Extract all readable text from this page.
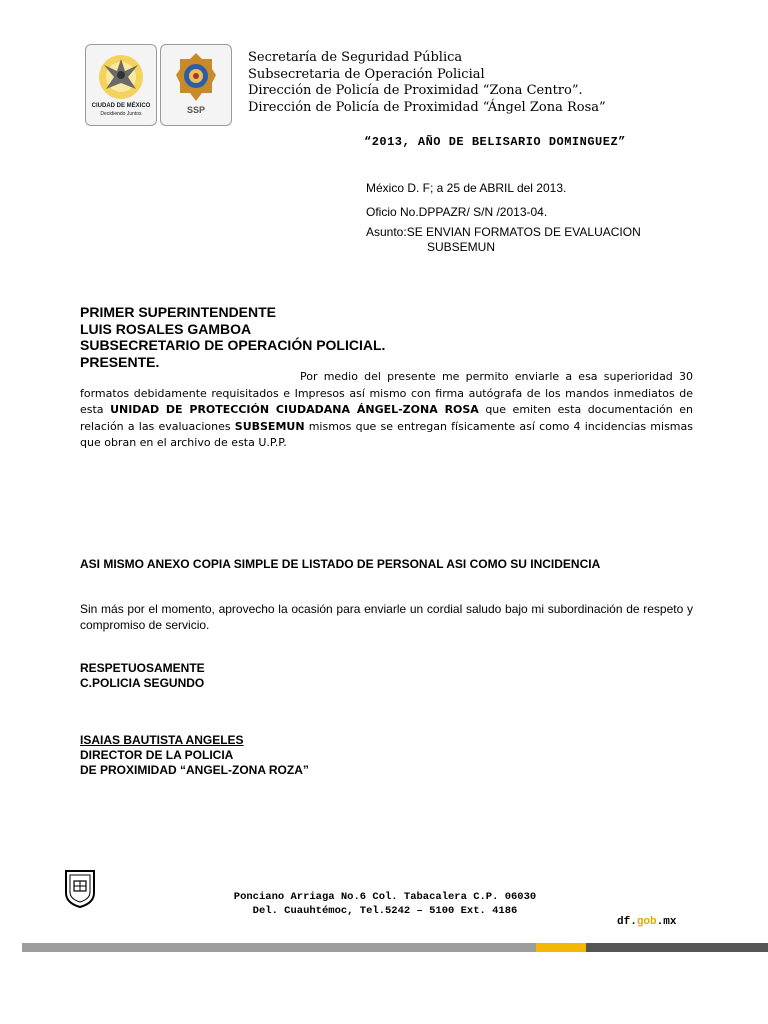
CIUDAD DE MÉXICO
Decidiendo Juntos	SSP
Secretaría de Seguridad Pública
Subsecretaria de Operación Policial
Dirección de Policía de Proximidad “Zona Centro”.
Dirección de Policía de Proximidad “Ángel Zona Rosa”
“2013, AÑO DE BELISARIO DOMINGUEZ”
México D. F; a 25 de ABRIL del 2013.
Oficio No.DPPAZR/ S/N /2013-04.
Asunto:SE ENVIAN FORMATOS DE EVALUACION
SUBSEMUN
PRIMER SUPERINTENDENTE
LUIS ROSALES GAMBOA
SUBSECRETARIO DE OPERACIÓN POLICIAL.
PRESENTE.
Por medio del presente me permito enviarle a esa superioridad 30 formatos debidamente requisitados e Impresos así mismo con firma autógrafa de los mandos inmediatos de esta UNIDAD DE PROTECCIÓN CIUDADANA ÁNGEL-ZONA ROSA que emiten esta documentación en relación a las evaluaciones SUBSEMUN mismos que se entregan físicamente así como 4 incidencias mismas que obran en el archivo de esta U.P.P.
ASI MISMO ANEXO COPIA SIMPLE DE LISTADO DE PERSONAL ASI COMO SU INCIDENCIA
Sin más por el momento, aprovecho la ocasión para enviarle un cordial saludo bajo mi subordinación de respeto y compromiso de servicio.
RESPETUOSAMENTE
C.POLICIA SEGUNDO
ISAIAS BAUTISTA ANGELES
DIRECTOR DE LA POLICIA
DE PROXIMIDAD “ANGEL-ZONA ROZA”
Ponciano Arriaga No.6 Col. Tabacalera C.P. 06030
Del. Cuauhtémoc, Tel.5242 – 5100 Ext. 4186
df.gob.mx
